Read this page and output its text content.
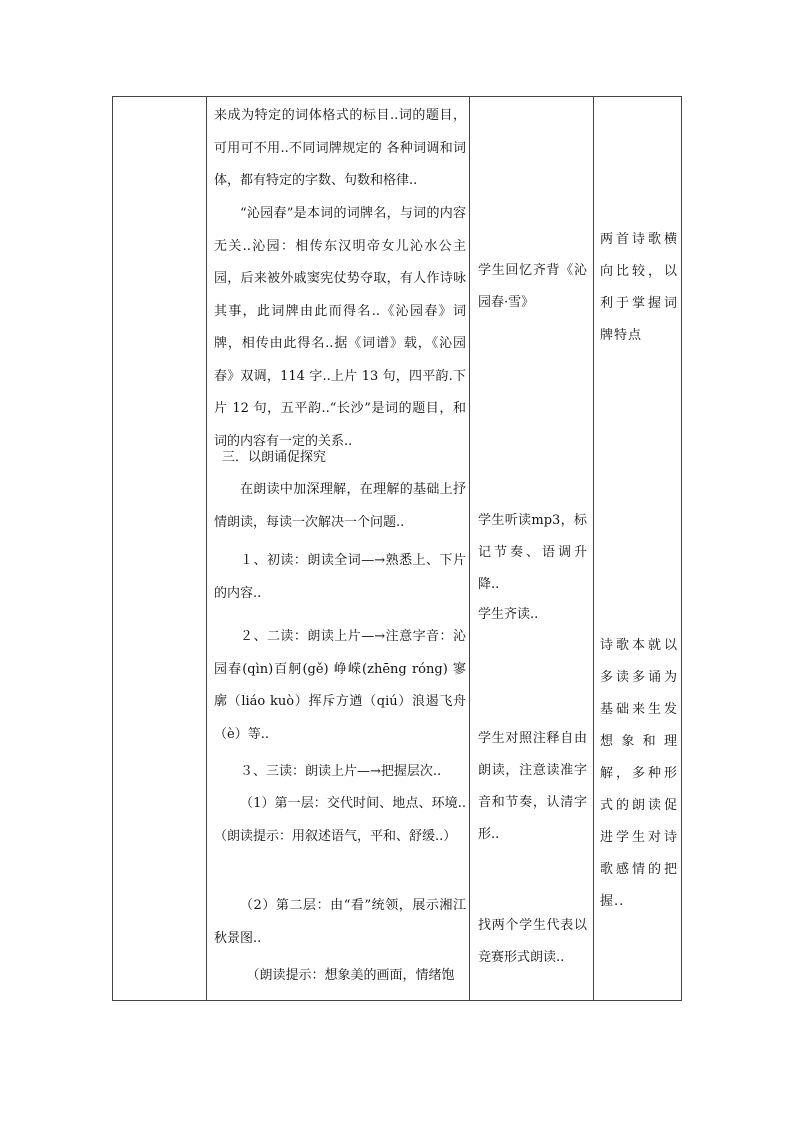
来成为特定的词体格式的标目..词的题目，可用可不用..不同词牌规定的 各种词调和词体，都有特定的字数、句数和格律..

“沁园春”是本词的词牌名，与词的内容无关..沁园：相传东汉明帝女儿沁水公主园，后来被外戚窦宪仗势夺取，有人作诗咏其事，此词牌由此而得名..《沁园春》词牌，相传由此得名..据《词谱》载，《沁园春》双调，114 字..上片 13 句，四平韵.下片 12 句，五平韵..“长沙”是词的题目，和词的内容有一定的关系..

三．以朗诵促探究

在朗读中加深理解，在理解的基础上抒情朗读，每读一次解决一个问题..

１、初读：朗读全词—→熟悉上、下片的内容..

２、二读：朗读上片—→注意字音：沁园春(qìn)百舸(gě) 峥嵘(zhēng róng) 寥廓（liáo kuò）挥斥方遒（qiú）浪遏飞舟（è）等..

３、三读：朗读上片—→把握层次..

（1）第一层：交代时间、地点、环境..（朗读提示：用叙述语气，平和、舒缓..）

（2）第二层：由“看”统领，展示湘江秋景图..

（朗读提示：想象美的画面，情绪饱

学生回忆齐背《沁园春·雪》

学生听读mp3，标记节奏、语调升降..

学生齐读..

学生对照注释自由朗读，注意读准字音和节奏，认清字形..

找两个学生代表以竞赛形式朗读..

两首诗歌横向比较，以利于掌握词牌特点

诗歌本就以多读多诵为基础来生发想象和理解，多种形式的朗读促进学生对诗歌感情的把握..
